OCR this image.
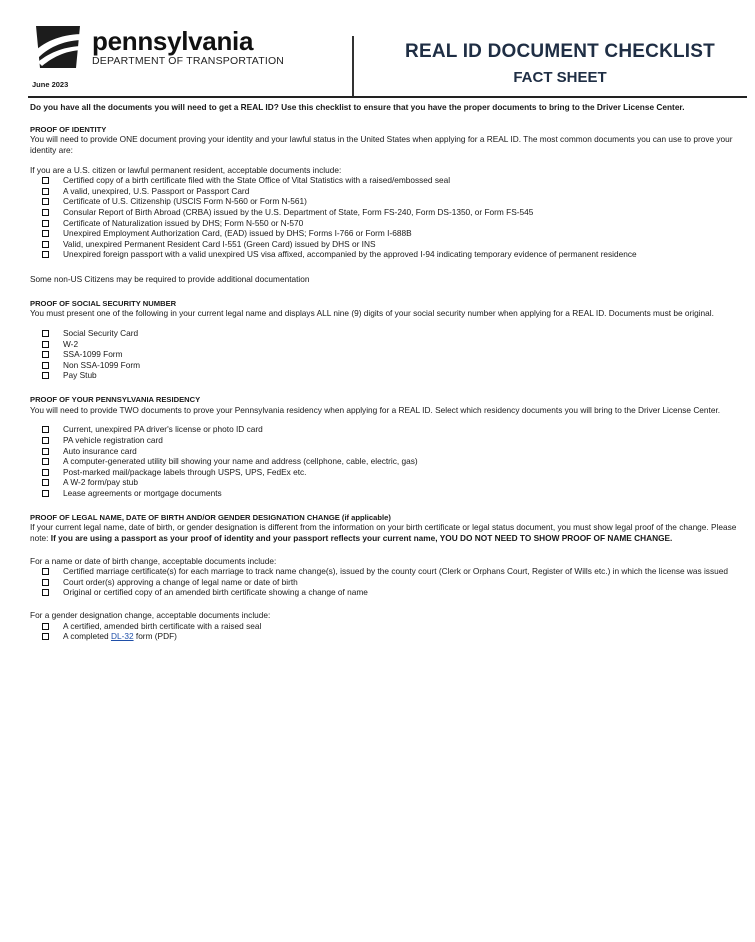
pennsylvania
DEPARTMENT OF TRANSPORTATION
June 2023
REAL ID DOCUMENT CHECKLIST
FACT SHEET

Do you have all the documents you will need to get a REAL ID? Use this checklist to ensure that you have the proper documents to bring to the Driver License Center.

PROOF OF IDENTITY

You will need to provide ONE document proving your identity and your lawful status in the United States when applying for a REAL ID. The most common documents you can use to prove your identity are:

If you are a U.S. citizen or lawful permanent resident, acceptable documents include:

Certified copy of a birth certificate filed with the State Office of Vital Statistics with a raised/embossed seal
A valid, unexpired, U.S. Passport or Passport Card
Certificate of U.S. Citizenship (USCIS Form N-560 or Form N-561)
Consular Report of Birth Abroad (CRBA) issued by the U.S. Department of State, Form FS-240, Form DS-1350, or Form FS-545
Certificate of Naturalization issued by DHS; Form N-550 or N-570
Unexpired Employment Authorization Card, (EAD) issued by DHS; Forms I-766 or Form I-688B
Valid, unexpired Permanent Resident Card I-551 (Green Card) issued by DHS or INS
Unexpired foreign passport with a valid unexpired US visa affixed, accompanied by the approved I-94 indicating temporary evidence of permanent residence

Some non-US Citizens may be required to provide additional documentation

PROOF OF SOCIAL SECURITY NUMBER

You must present one of the following in your current legal name and displays ALL nine (9) digits of your social security number when applying for a REAL ID. Documents must be original.

Social Security Card
W-2
SSA-1099 Form
Non SSA-1099 Form
Pay Stub
PROOF OF YOUR PENNSYLVANIA RESIDENCY

You will need to provide TWO documents to prove your Pennsylvania residency when applying for a REAL ID. Select which residency documents you will bring to the Driver License Center.

Current, unexpired PA driver's license or photo ID card
PA vehicle registration card
Auto insurance card
A computer-generated utility bill showing your name and address (cellphone, cable, electric, gas)
Post-marked mail/package labels through USPS, UPS, FedEx etc.
A W-2 form/pay stub
Lease agreements or mortgage documents
PROOF OF LEGAL NAME, DATE OF BIRTH AND/OR GENDER DESIGNATION CHANGE (if applicable)

If your current legal name, date of birth, or gender designation is different from the information on your birth certificate or legal status document, you must show legal proof of the change. Please note: If you are using a passport as your proof of identity and your passport reflects your current name, YOU DO NOT NEED TO SHOW PROOF OF NAME CHANGE.

For a name or date of birth change, acceptable documents include:

Certified marriage certificate(s) for each marriage to track name change(s), issued by the county court (Clerk or Orphans Court, Register of Wills etc.) in which the license was issued
Court order(s) approving a change of legal name or date of birth
Original or certified copy of an amended birth certificate showing a change of name

For a gender designation change, acceptable documents include:

A certified, amended birth certificate with a raised seal
A completed DL-32 form (PDF)
